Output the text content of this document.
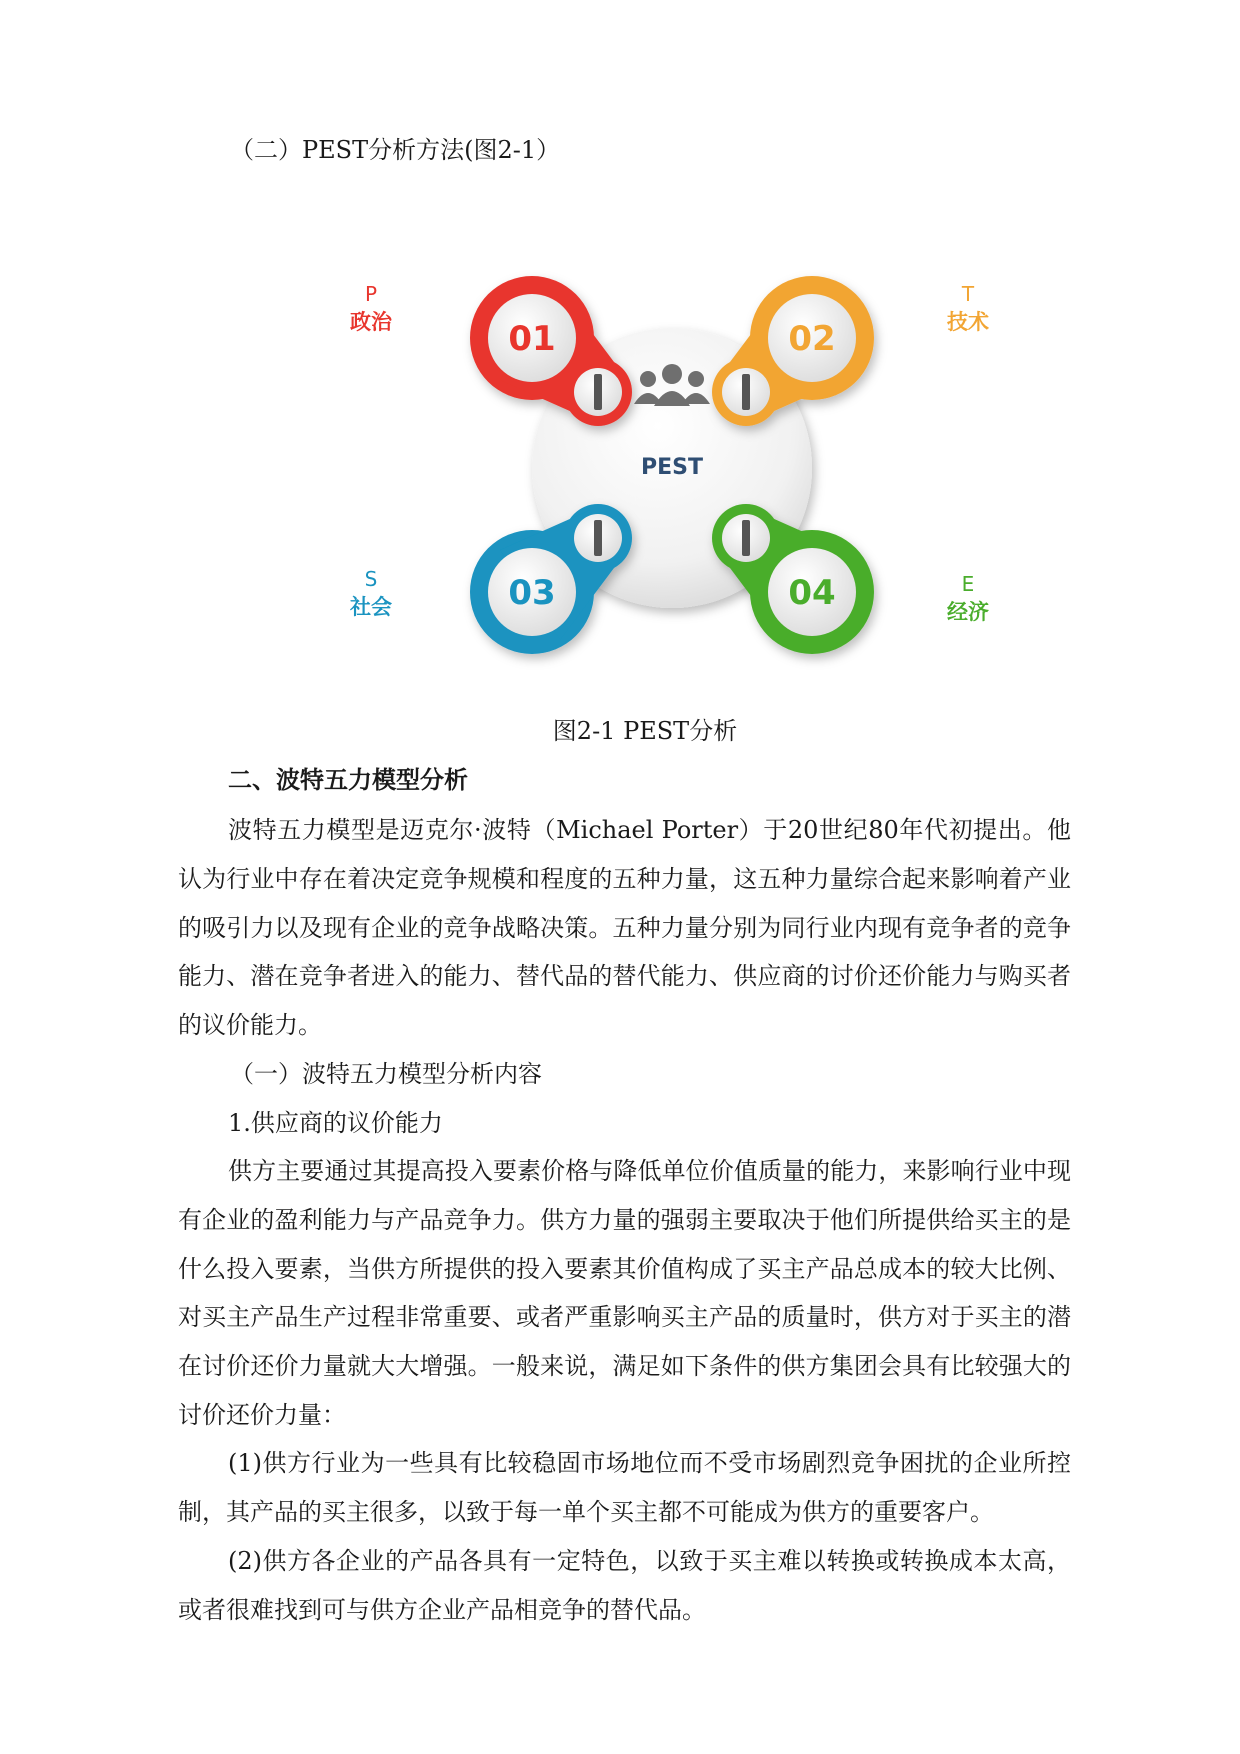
（二）PEST分析方法(图2-1）
01	02
03	04
PEST
P
政治
T
技术
S
社会
E
经济
图2-1 PEST分析
二、波特五力模型分析

波特五力模型是迈克尔·波特（Michael Porter）于20世纪80年代初提出。他认为行业中存在着决定竞争规模和程度的五种力量，这五种力量综合起来影响着产业的吸引力以及现有企业的竞争战略决策。五种力量分别为同行业内现有竞争者的竞争能力、潜在竞争者进入的能力、替代品的替代能力、供应商的讨价还价能力与购买者的议价能力。

（一）波特五力模型分析内容
1.供应商的议价能力

供方主要通过其提高投入要素价格与降低单位价值质量的能力，来影响行业中现有企业的盈利能力与产品竞争力。供方力量的强弱主要取决于他们所提供给买主的是什么投入要素，当供方所提供的投入要素其价值构成了买主产品总成本的较大比例、对买主产品生产过程非常重要、或者严重影响买主产品的质量时，供方对于买主的潜在讨价还价力量就大大增强。一般来说，满足如下条件的供方集团会具有比较强大的讨价还价力量：

(1)供方行业为一些具有比较稳固市场地位而不受市场剧烈竞争困扰的企业所控制，其产品的买主很多，以致于每一单个买主都不可能成为供方的重要客户。

(2)供方各企业的产品各具有一定特色，以致于买主难以转换或转换成本太高，或者很难找到可与供方企业产品相竞争的替代品。
